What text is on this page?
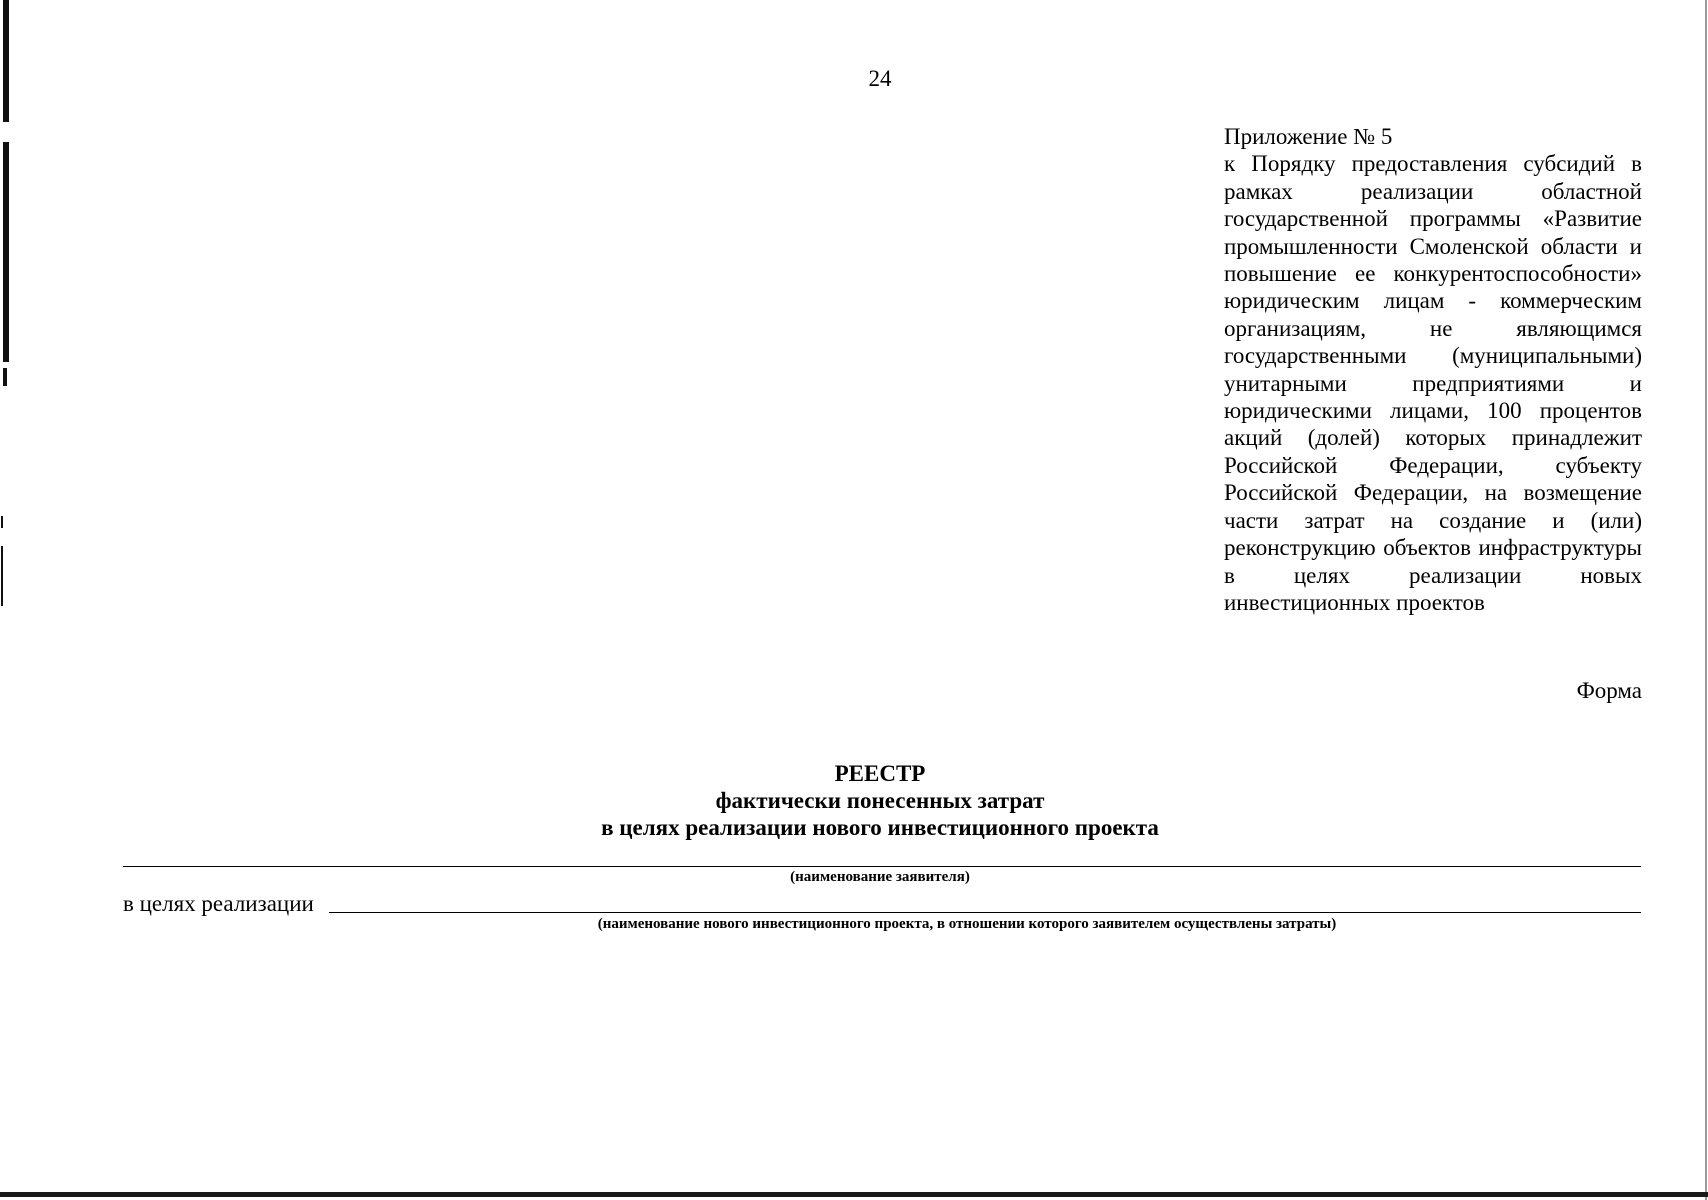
24
Приложение № 5
к Порядку предоставления субсидий в рамках реализации областной государственной программы «Развитие промышленности Смоленской области и повышение ее конкурентоспособности» юридическим лицам - коммерческим организациям, не являющимся государственными (муниципальными) унитарными предприятиями и юридическими лицами, 100 процентов акций (долей) которых принадлежит Российской Федерации, субъекту Российской Федерации, на возмещение части затрат на создание и (или) реконструкцию объектов инфраструктуры в целях реализации новых инвестиционных проектов
Форма
РЕЕСТР
фактически понесенных затрат
в целях реализации нового инвестиционного проекта
(наименование заявителя)
в целях реализации
(наименование нового инвестиционного проекта, в отношении которого заявителем осуществлены затраты)
